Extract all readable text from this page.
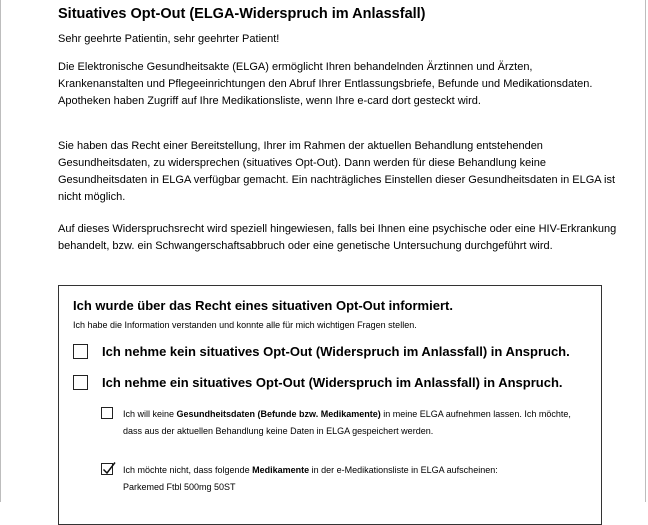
Situatives Opt-Out (ELGA-Widerspruch im Anlassfall)

Sehr geehrte Patientin, sehr geehrter Patient!

Die Elektronische Gesundheitsakte (ELGA) ermöglicht Ihren behandelnden Ärztinnen und Ärzten, Krankenanstalten und Pflegeeinrichtungen den Abruf Ihrer Entlassungsbriefe, Befunde und Medikationsdaten. Apotheken haben Zugriff auf Ihre Medikationsliste, wenn Ihre e-card dort gesteckt wird.

Sie haben das Recht einer Bereitstellung, Ihrer im Rahmen der aktuellen Behandlung entstehenden Gesundheitsdaten, zu widersprechen (situatives Opt-Out). Dann werden für diese Behandlung keine Gesundheitsdaten in ELGA verfügbar gemacht. Ein nachträgliches Einstellen dieser Gesundheitsdaten in ELGA ist nicht möglich.

Auf dieses Widerspruchsrecht wird speziell hingewiesen, falls bei Ihnen eine psychische oder eine HIV-Erkrankung behandelt, bzw. ein Schwangerschaftsabbruch oder eine genetische Untersuchung durchgeführt wird.

Ich wurde über das Recht eines situativen Opt-Out informiert.

Ich habe die Information verstanden und konnte alle für mich wichtigen Fragen stellen.

Ich nehme kein situatives Opt-Out (Widerspruch im Anlassfall) in Anspruch.
Ich nehme ein situatives Opt-Out (Widerspruch im Anlassfall) in Anspruch.

Ich will keine Gesundheitsdaten (Befunde bzw. Medikamente) in meine ELGA aufnehmen lassen. Ich möchte, dass aus der aktuellen Behandlung keine Daten in ELGA gespeichert werden.

Ich möchte nicht, dass folgende Medikamente in der e-Medikationsliste in ELGA aufscheinen:

Parkemed Ftbl 500mg 50ST
